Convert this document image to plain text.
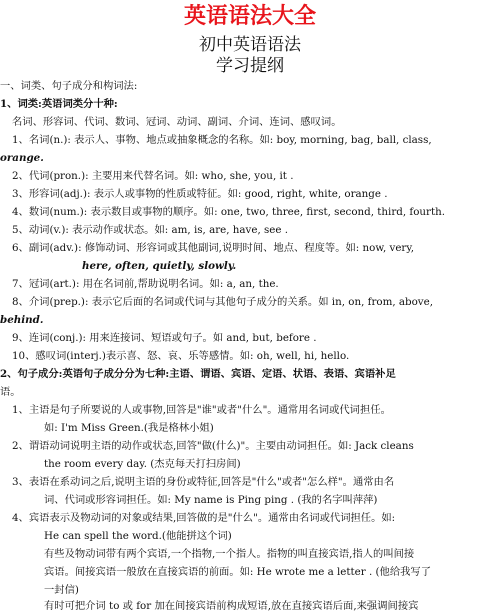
英语语法大全
初中英语语法
学习提纲
一、词类、句子成分和构词法:
1、词类:英语词类分十种:
名词、形容词、代词、数词、冠词、动词、副词、介词、连词、感叹词。
1、名词(n.): 表示人、事物、地点或抽象概念的名称。如: boy, morning, bag, ball, class,
orange.
2、代词(pron.): 主要用来代替名词。如: who, she, you, it .
3、形容词(adj.): 表示人或事物的性质或特征。如: good, right, white, orange .
4、数词(num.): 表示数目或事物的顺序。如: one, two, three, first, second, third, fourth.
5、动词(v.): 表示动作或状态。如: am, is, are, have, see .
6、副词(adv.): 修饰动词、形容词或其他副词,说明时间、地点、程度等。如: now, very,
here, often, quietly, slowly.
7、冠词(art.): 用在名词前,帮助说明名词。如: a, an, the.
8、介词(prep.): 表示它后面的名词或代词与其他句子成分的关系。如 in, on, from, above,
behind.
9、连词(conj.): 用来连接词、短语或句子。如 and, but, before .
10、感叹词(interj.)表示喜、怒、哀、乐等感情。如: oh, well, hi, hello.
2、句子成分:英语句子成分分为七种:主语、谓语、宾语、定语、状语、表语、宾语补足
语。
1、主语是句子所要说的人或事物,回答是"谁"或者"什么"。通常用名词或代词担任。
如: I'm Miss Green.(我是格林小姐)
2、谓语动词说明主语的动作或状态,回答"做(什么)"。主要由动词担任。如: Jack cleans
the room every day. (杰克每天打扫房间)
3、表语在系动词之后,说明主语的身份或特征,回答是"什么"或者"怎么样"。通常由名
词、代词或形容词担任。如: My name is Ping ping . (我的名字叫萍萍)
4、宾语表示及物动词的对象或结果,回答做的是"什么"。通常由名词或代词担任。如:
He can spell the word.(他能拼这个词)
有些及物动词带有两个宾语,一个指物,一个指人。指物的叫直接宾语,指人的叫间接
宾语。间接宾语一般放在直接宾语的前面。如: He wrote me a letter . (他给我写了
一封信)
有时可把介词 to 或 for 加在间接宾语前构成短语,放在直接宾语后面,来强调间接宾
